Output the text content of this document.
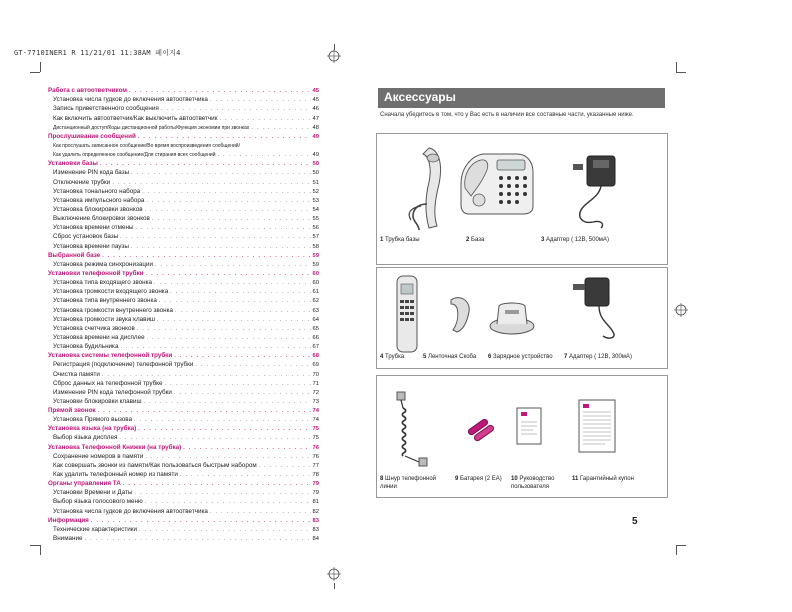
GT-7710INER1 R 11/21/01 11:38AM 페이지4
Работа с автоответчиком . . .	45
Установка числа гудков до включения автоответчика . . .	45
Запись приветственного сообщения . . .	46
Как включить автоответчик/Как выключить автоответчик . . .	47
Дистанционный доступ/Коды дистанционной работы/Функция экономии при звонках . . .	48
Прослушивание сообщений . . .	49
Как прослушать записанное сообщение/Во время воспроизведения сообщений/
Как удалить определенное сообщение/Для стирания всех сообщений . . .	49
Установки базы . . .	50
Изменение PIN кода базы . . .	50
Отключение трубки . . .	51
Установка тонального набора . . .	52
Установка импульсного набора . . .	53
Установка блокировки звонков . . .	54
Выключение блокировки звонков . . .	55
Установка времени отмены . . .	56
Сброс установок базы . . .	57
Установка времени паузы . . .	58
Выбранной базе . . .	59
Установка режима синхронизации . . .	59
Установки телефонной трубки . . .	60
Установка типа входящего звонка . . .	60
Установка громкости входящего звонка . . .	61
Установка типа внутреннего звонка . . .	62
Установка громкости внутреннего звонка . . .	63
Установка громкости звука клавиш . . .	64
Установка счетчика звонков . . .	65
Установка времени на дисплее . . .	66
Установка будильника . . .	67
Установка системы телефонной трубки . . .	68
Регистрация (подключение) телефонной трубки . . .	69
Очистка памяти . . .	70
Сброс данных на телефонной трубке . . .	71
Изменение PIN кода телефонной трубки . . .	72
Установки блокировки клавиш . . .	73
Прямой звонок . . .	74
Установка Прямого вызова . . .	74
Установка языка (на трубка) . . .	75
Выбор языка дисплея . . .	75
Установка Телефонной Книжки (на трубка) . . .	76
Сохранение номеров в памяти . . .	76
Как совершать звонки из памяти/Как пользоваться быстрым набором . . .	77
Как удалить телефонный номер из памяти . . .	78
Органы управления ТА . . .	79
Установки Времени и Даты . . .	79
Выбор языка голосового меню . . .	81
Установка числа гудков до включения автоответчика . . .	82
Информация . . .	83
Технические характеристики . . .	83
Внимание . . .	84
Аксессуары
Сначала убедитесь в том, что у Вас есть в наличии все составные части, указанные ниже.
1 Трубка базы	2 База	3 Адаптер ( 12В, 500мА)
4 Трубка	5 Ленточная Скоба 6 Зарядное устройство 7 Адаптер ( 12В, 300мА)
8 Шнур телефонной линии
9 Батарея (2 ЕА) 10 Руководство пользователя
11 Гарантийный купон
5
